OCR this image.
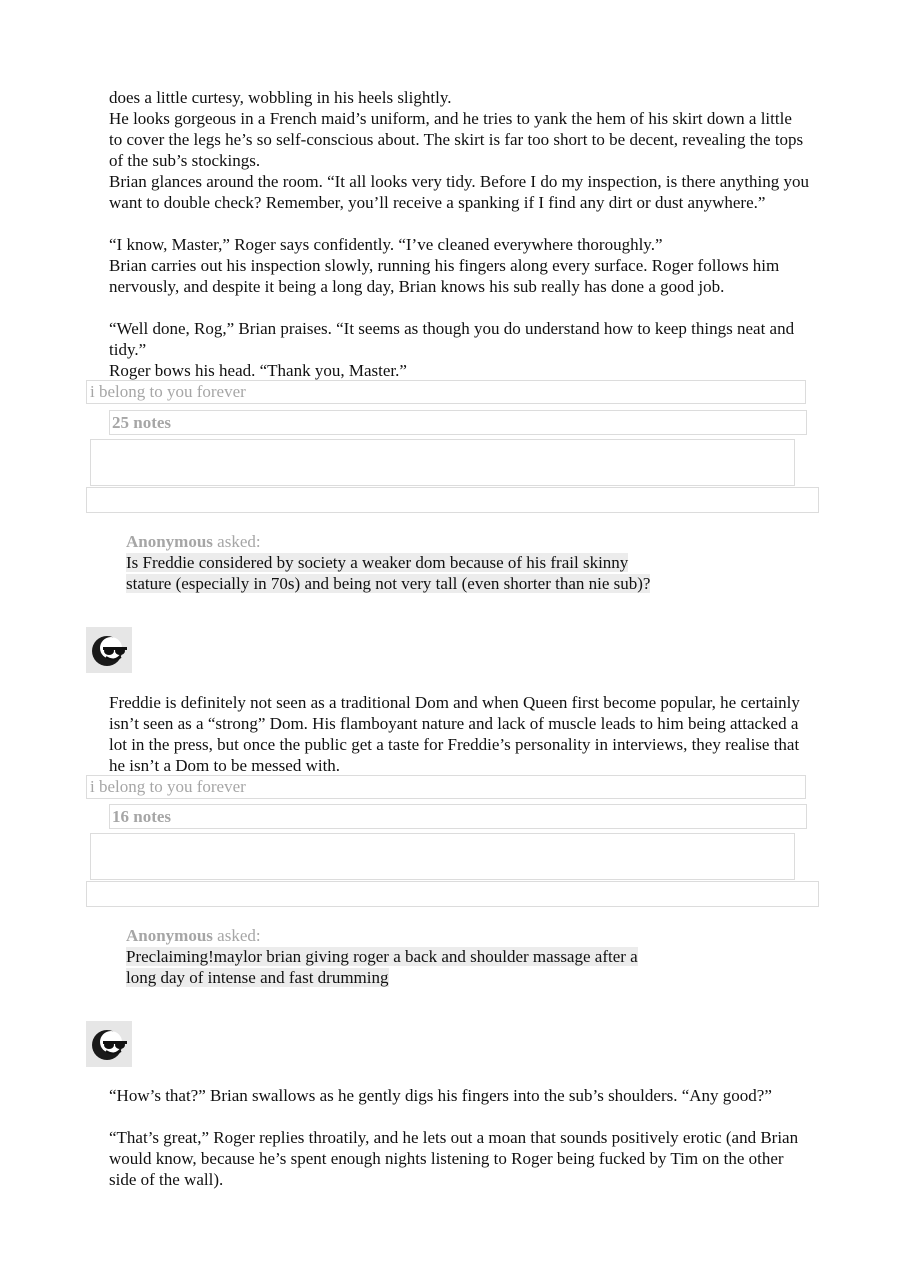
does a little curtesy, wobbling in his heels slightly.

He looks gorgeous in a French maid’s uniform, and he tries to yank the hem of his skirt down a little to cover the legs he’s so self-conscious about. The skirt is far too short to be decent, revealing the tops of the sub’s stockings.

Brian glances around the room. “It all looks very tidy. Before I do my inspection, is there anything you want to double check? Remember, you’ll receive a spanking if I find any dirt or dust anywhere.”

“I know, Master,” Roger says confidently. “I’ve cleaned everywhere thoroughly.”

Brian carries out his inspection slowly, running his fingers along every surface. Roger follows him nervously, and despite it being a long day, Brian knows his sub really has done a good job.

“Well done, Rog,” Brian praises. “It seems as though you do understand how to keep things neat and tidy.”

Roger bows his head. “Thank you, Master.”

i belong to you forever
25 notes
Anonymous asked:
Is Freddie considered by society a weaker dom because of his frail skinny
stature (especially in 70s) and being not very tall (even shorter than nie sub)?

Freddie is definitely not seen as a traditional Dom and when Queen first become popular, he certainly isn’t seen as a “strong” Dom. His flamboyant nature and lack of muscle leads to him being attacked a lot in the press, but once the public get a taste for Freddie’s personality in interviews, they realise that he isn’t a Dom to be messed with.

i belong to you forever
16 notes
Anonymous asked:
Preclaiming!maylor brian giving roger a back and shoulder massage after a
long day of intense and fast drumming

“How’s that?” Brian swallows as he gently digs his fingers into the sub’s shoulders. “Any good?”

“That’s great,” Roger replies throatily, and he lets out a moan that sounds positively erotic (and Brian would know, because he’s spent enough nights listening to Roger being fucked by Tim on the other side of the wall).
